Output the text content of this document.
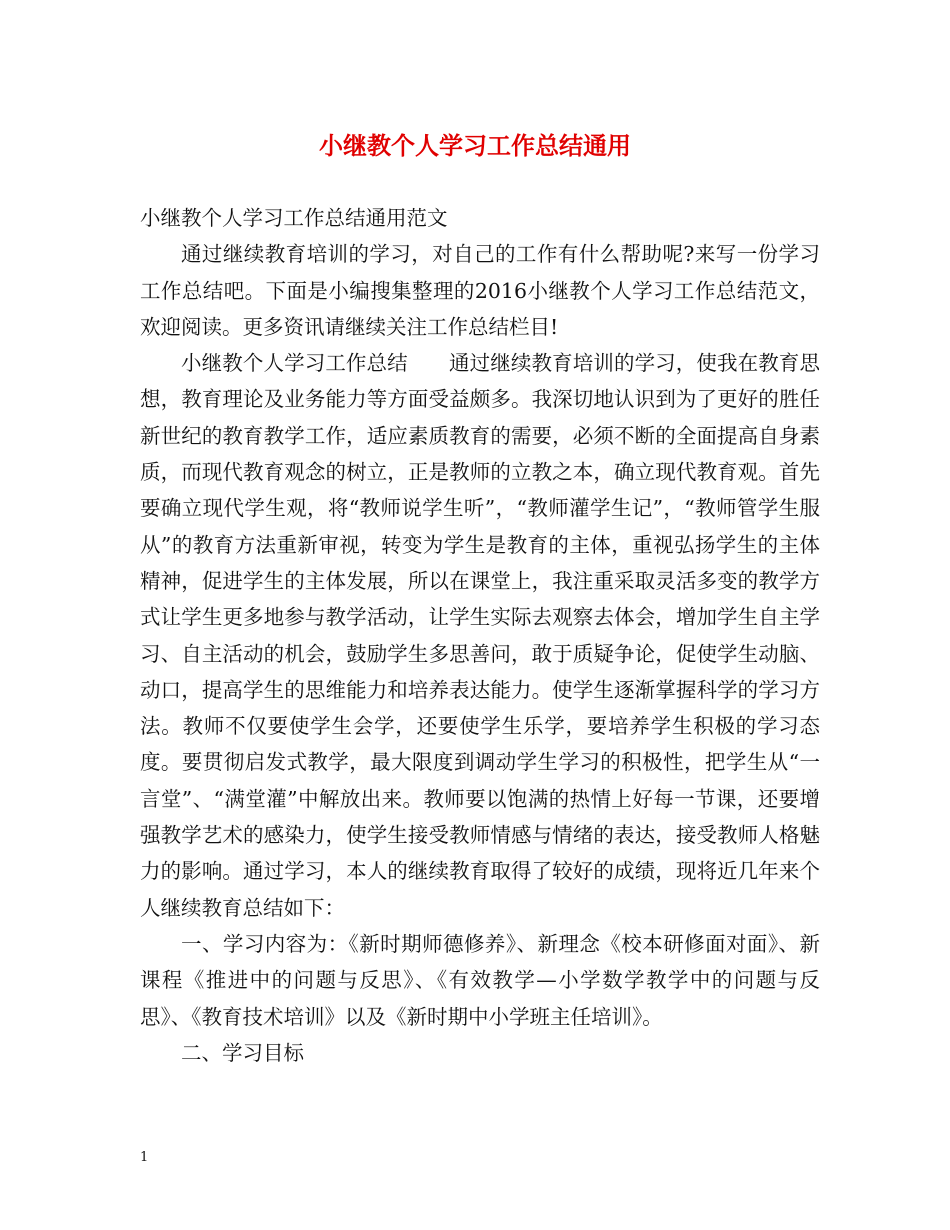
小继教个人学习工作总结通用

小继教个人学习工作总结通用范文

通过继续教育培训的学习，对自己的工作有什么帮助呢?来写一份学习工作总结吧。下面是小编搜集整理的2016小继教个人学习工作总结范文，欢迎阅读。更多资讯请继续关注工作总结栏目!

小继教个人学习工作总结　　通过继续教育培训的学习，使我在教育思想，教育理论及业务能力等方面受益颇多。我深切地认识到为了更好的胜任新世纪的教育教学工作，适应素质教育的需要，必须不断的全面提高自身素质，而现代教育观念的树立，正是教师的立教之本，确立现代教育观。首先要确立现代学生观，将“教师说学生听”，“教师灌学生记”，“教师管学生服从”的教育方法重新审视，转变为学生是教育的主体，重视弘扬学生的主体精神，促进学生的主体发展，所以在课堂上，我注重采取灵活多变的教学方式让学生更多地参与教学活动，让学生实际去观察去体会，增加学生自主学习、自主活动的机会，鼓励学生多思善问，敢于质疑争论，促使学生动脑、动口，提高学生的思维能力和培养表达能力。使学生逐渐掌握科学的学习方法。教师不仅要使学生会学，还要使学生乐学，要培养学生积极的学习态度。要贯彻启发式教学，最大限度到调动学生学习的积极性，把学生从“一言堂”、“满堂灌”中解放出来。教师要以饱满的热情上好每一节课，还要增强教学艺术的感染力，使学生接受教师情感与情绪的表达，接受教师人格魅力的影响。通过学习，本人的继续教育取得了较好的成绩，现将近几年来个人继续教育总结如下：

一、学习内容为：《新时期师德修养》、新理念《校本研修面对面》、新课程《推进中的问题与反思》、《有效教学—小学数学教学中的问题与反思》、《教育技术培训》以及《新时期中小学班主任培训》。

二、学习目标

1
